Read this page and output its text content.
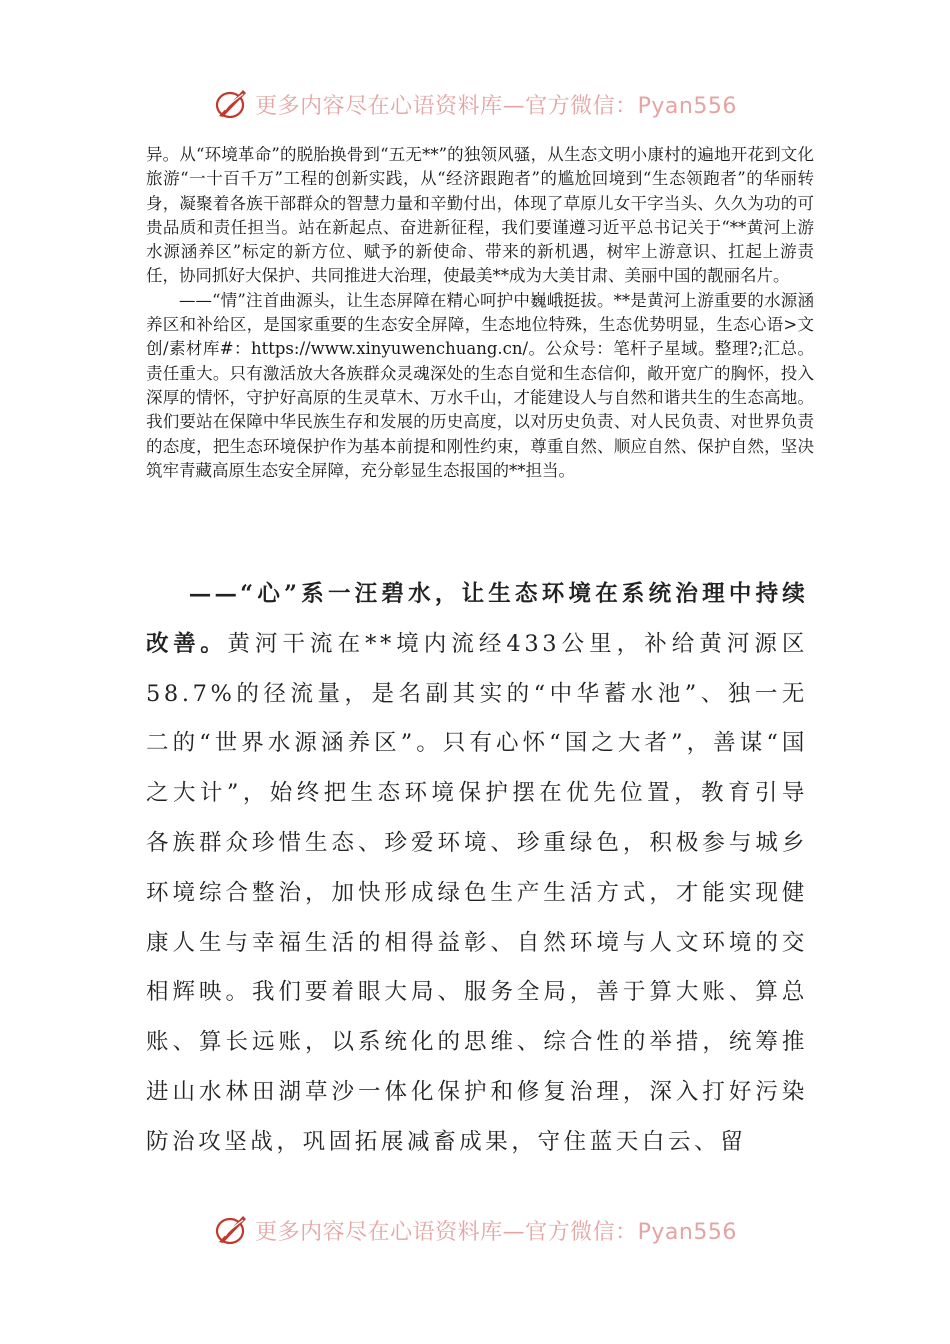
更多内容尽在心语资料库—官方微信：Pyan556

异。从“环境革命”的脱胎换骨到“五无**”的独领风骚，从生态文明小康村的遍地开花到文化旅游“一十百千万”工程的创新实践，从“经济跟跑者”的尴尬回境到“生态领跑者”的华丽转身，凝聚着各族干部群众的智慧力量和辛勤付出，体现了草原儿女干字当头、久久为功的可贵品质和责任担当。站在新起点、奋进新征程，我们要谨遵习近平总书记关于“**黄河上游水源涵养区”标定的新方位、赋予的新使命、带来的新机遇，树牢上游意识、扛起上游责任，协同抓好大保护、共同推进大治理，使最美**成为大美甘肃、美丽中国的靓丽名片。

——“情”注首曲源头，让生态屏障在精心呵护中巍峨挺拔。**是黄河上游重要的水源涵养区和补给区，是国家重要的生态安全屏障，生态地位特殊，生态优势明显，生态心语>文创/素材库#：https://www.xinyuwenchuang.cn/。公众号：笔杆子星域。整理?;汇总。责任重大。只有激活放大各族群众灵魂深处的生态自觉和生态信仰，敞开宽广的胸怀，投入深厚的情怀，守护好高原的生灵草木、万水千山，才能建设人与自然和谐共生的生态高地。我们要站在保障中华民族生存和发展的历史高度，以对历史负责、对人民负责、对世界负责的态度，把生态环境保护作为基本前提和刚性约束，尊重自然、顺应自然、保护自然，坚决筑牢青藏高原生态安全屏障，充分彰显生态报国的**担当。

——“心”系一汪碧水，让生态环境在系统治理中持续改善。黄河干流在**境内流经433公里，补给黄河源区58.7%的径流量，是名副其实的“中华蓄水池”、独一无二的“世界水源涵养区”。只有心怀“国之大者”，善谋“国之大计”，始终把生态环境保护摆在优先位置，教育引导各族群众珍惜生态、珍爱环境、珍重绿色，积极参与城乡环境综合整治，加快形成绿色生产生活方式，才能实现健康人生与幸福生活的相得益彰、自然环境与人文环境的交相辉映。我们要着眼大局、服务全局，善于算大账、算总账、算长远账，以系统化的思维、综合性的举措，统筹推进山水林田湖草沙一体化保护和修复治理，深入打好污染防治攻坚战，巩固拓展减畜成果，守住蓝天白云、留

更多内容尽在心语资料库—官方微信：Pyan556
